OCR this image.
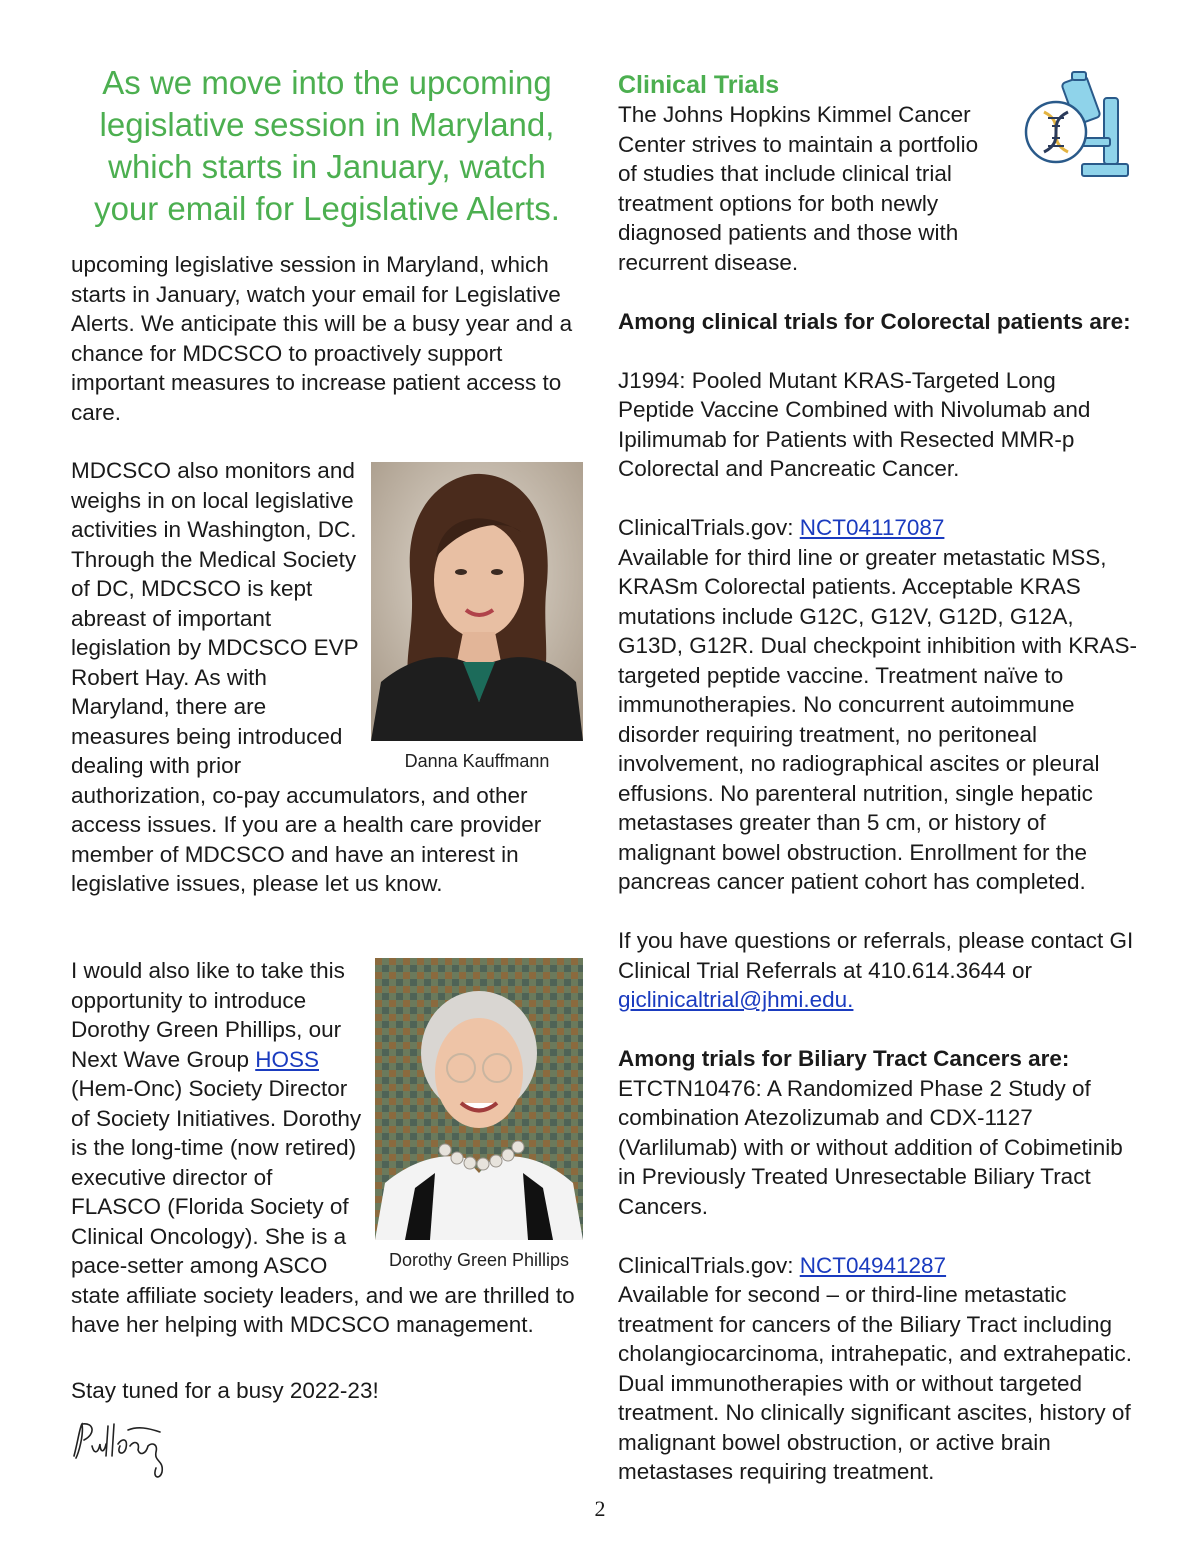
As we move into the upcoming legislative session in Maryland, which starts in January, watch your email for Legislative Alerts.

upcoming legislative session in Maryland, which starts in January, watch your email for Legislative Alerts. We anticipate this will be a busy year and a chance for MDCSCO to proactively support important measures to increase patient access to care.

Danna Kauffmann

MDCSCO also monitors and weighs in on local legislative activities in Washington, DC. Through the Medical Society of DC, MDCSCO is kept abreast of important legislation by MDCSCO EVP Robert Hay. As with Maryland, there are measures being introduced dealing with prior authorization, co-pay accumulators, and other access issues. If you are a health care provider member of MDCSCO and have an interest in legislative issues, please let us know.

Dorothy Green Phillips

I would also like to take this opportunity to introduce Dorothy Green Phillips, our Next Wave Group HOSS (Hem-Onc) Society Director of Society Initiatives. Dorothy is the long-time (now retired) executive director of FLASCO (Florida Society of Clinical Oncology). She is a pace-setter among ASCO state affiliate society leaders, and we are thrilled to have her helping with MDCSCO management.

Stay tuned for a busy 2022-23!

Clinical Trials

The Johns Hopkins Kimmel Cancer Center strives to maintain a portfolio of studies that include clinical trial treatment options for both newly diagnosed patients and those with recurrent disease.

Among clinical trials for Colorectal patients are:

J1994: Pooled Mutant KRAS-Targeted Long Peptide Vaccine Combined with Nivolumab and Ipilimumab for Patients with Resected MMR-p Colorectal and Pancreatic Cancer.

ClinicalTrials.gov: NCT04117087

Available for third line or greater metastatic MSS, KRASm Colorectal patients. Acceptable KRAS mutations include G12C, G12V, G12D, G12A, G13D, G12R. Dual checkpoint inhibition with KRAS-targeted peptide vaccine. Treatment naïve to immunotherapies. No concurrent autoimmune disorder requiring treatment, no peritoneal involvement, no radiographical ascites or pleural effusions. No parenteral nutrition, single hepatic metastases greater than 5 cm, or history of malignant bowel obstruction. Enrollment for the pancreas cancer patient cohort has completed.

If you have questions or referrals, please contact GI Clinical Trial Referrals at 410.614.3644 or

giclinicaltrial@jhmi.edu.

Among trials for Biliary Tract Cancers are:

ETCTN10476: A Randomized Phase 2 Study of combination Atezolizumab and CDX-1127 (Varlilumab) with or without addition of Cobimetinib in Previously Treated Unresectable Biliary Tract Cancers.

ClinicalTrials.gov: NCT04941287

Available for second – or third-line metastatic treatment for cancers of the Biliary Tract including cholangiocarcinoma, intrahepatic, and extrahepatic. Dual immunotherapies with or without targeted treatment. No clinically significant ascites, history of malignant bowel obstruction, or active brain metastases requiring treatment.

2
